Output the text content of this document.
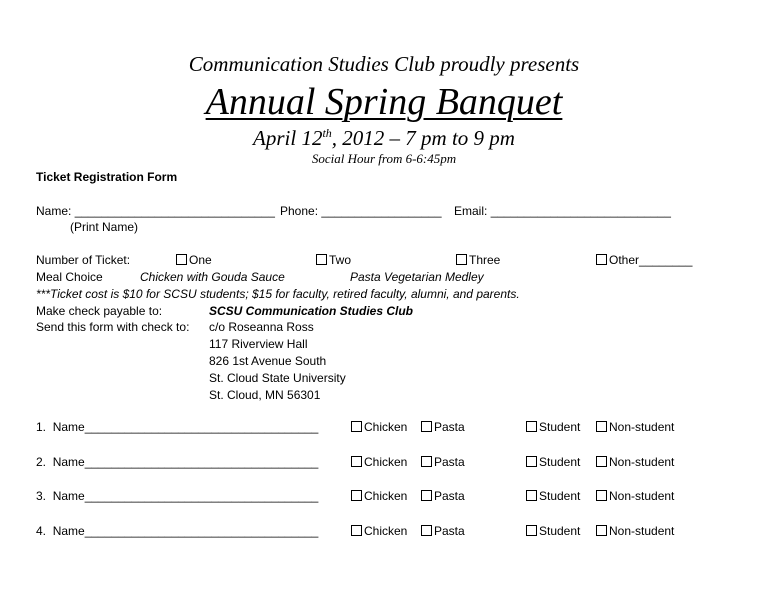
Communication Studies Club proudly presents
Annual Spring Banquet
April 12th, 2012 – 7 pm to 9 pm
Social Hour from 6-6:45pm
Ticket Registration Form
Name: ______________________________ Phone: __________________ Email: ___________________________
(Print Name)
Number of Ticket:	One	Two	Three	Other________
Meal Choice	Chicken with Gouda Sauce	Pasta Vegetarian Medley
***Ticket cost is $10 for SCSU students; $15 for faculty, retired faculty, alumni, and parents.
Make check payable to:	SCSU Communication Studies Club
Send this form with check to: c/o Roseanna Ross
117 Riverview Hall
826 1st Avenue South
St. Cloud State University
St. Cloud, MN 56301
1. Name___________________________________	Chicken	Pasta	Student	Non-student
2. Name___________________________________	Chicken	Pasta	Student	Non-student
3. Name___________________________________	Chicken	Pasta	Student	Non-student
4. Name___________________________________	Chicken	Pasta	Student	Non-student
